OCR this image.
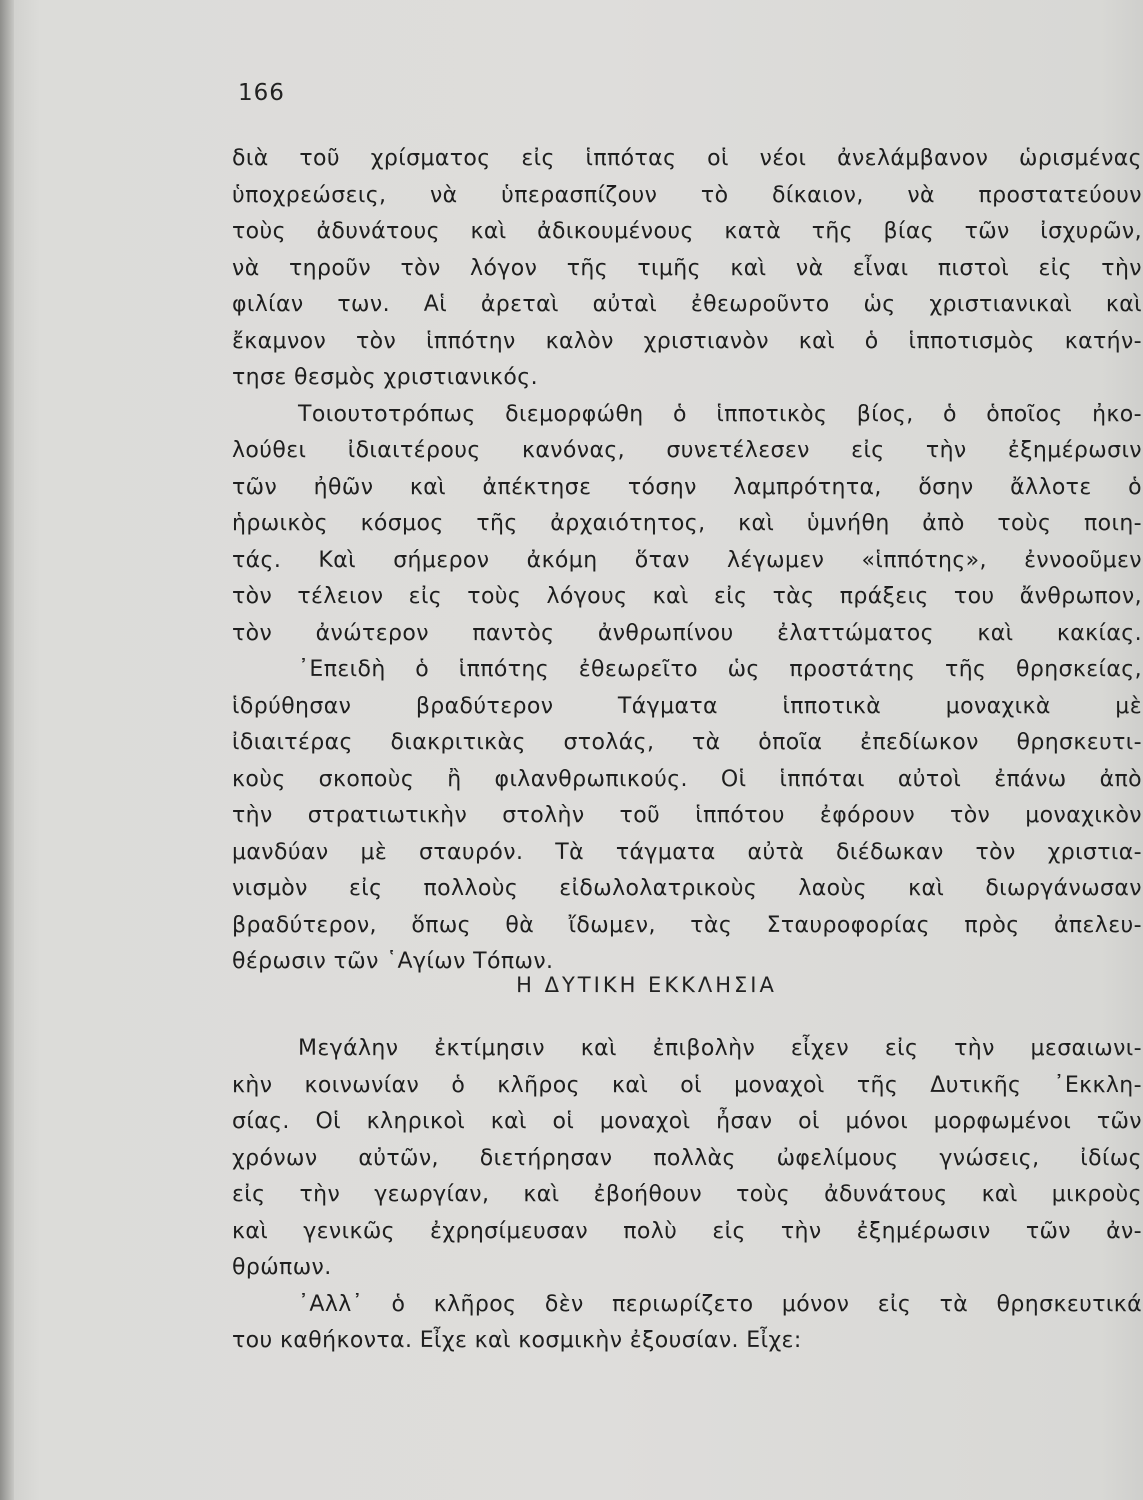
166
διὰ τοῦ χρίσματος εἰς ἱππότας οἱ νέοι ἀνελάμβανον ὡρισμένας
ὑποχρεώσεις, νὰ ὑπερασπίζουν τὸ δίκαιον, νὰ προστατεύουν
τοὺς ἀδυνάτους καὶ ἀδικουμένους κατὰ τῆς βίας τῶν ἰσχυρῶν,
νὰ τηροῦν τὸν λόγον τῆς τιμῆς καὶ νὰ εἶναι πιστοὶ εἰς τὴν
φιλίαν των. Αἱ ἀρεταὶ αὐταὶ ἐθεωροῦντο ὡς χριστιανικαὶ καὶ
ἔκαμνον τὸν ἱππότην καλὸν χριστιανὸν καὶ ὁ ἱπποτισμὸς κατήν-
τησε θεσμὸς χριστιανικός.
Τοιουτοτρόπως διεμορφώθη ὁ ἱπποτικὸς βίος, ὁ ὁποῖος ἠκο-
λούθει ἰδιαιτέρους κανόνας, συνετέλεσεν εἰς τὴν ἐξημέρωσιν
τῶν ἠθῶν καὶ ἀπέκτησε τόσην λαμπρότητα, ὅσην ἄλλοτε ὁ
ἡρωικὸς κόσμος τῆς ἀρχαιότητος, καὶ ὑμνήθη ἀπὸ τοὺς ποιη-
τάς. Καὶ σήμερον ἀκόμη ὅταν λέγωμεν «ἱππότης», ἐννοοῦμεν
τὸν τέλειον εἰς τοὺς λόγους καὶ εἰς τὰς πράξεις του ἄνθρωπον,
τὸν ἀνώτερον παντὸς ἀνθρωπίνου ἐλαττώματος καὶ κακίας.
᾿Επειδὴ ὁ ἱππότης ἐθεωρεῖτο ὡς προστάτης τῆς θρησκείας,
ἱδρύθησαν βραδύτερον Τάγματα ἱπποτικὰ μοναχικὰ μὲ
ἰδιαιτέρας διακριτικὰς στολάς, τὰ ὁποῖα ἐπεδίωκον θρησκευτι-
κοὺς σκοποὺς ἢ φιλανθρωπικούς. Οἱ ἱππόται αὐτοὶ ἐπάνω ἀπὸ
τὴν στρατιωτικὴν στολὴν τοῦ ἱππότου ἐφόρουν τὸν μοναχικὸν
μανδύαν μὲ σταυρόν. Τὰ τάγματα αὐτὰ διέδωκαν τὸν χριστια-
νισμὸν εἰς πολλοὺς εἰδωλολατρικοὺς λαοὺς καὶ διωργάνωσαν
βραδύτερον, ὅπως θὰ ἴδωμεν, τὰς Σταυροφορίας πρὸς ἀπελευ-
θέρωσιν τῶν ῾Αγίων Τόπων.
Η ΔΥΤΙΚΗ ΕΚΚΛΗΣΙΑ
Μεγάλην ἐκτίμησιν καὶ ἐπιβολὴν εἶχεν εἰς τὴν μεσαιωνι-
κὴν κοινωνίαν ὁ κλῆρος καὶ οἱ μοναχοὶ τῆς Δυτικῆς ᾿Εκκλη-
σίας. Οἱ κληρικοὶ καὶ οἱ μοναχοὶ ἦσαν οἱ μόνοι μορφωμένοι τῶν
χρόνων αὐτῶν, διετήρησαν πολλὰς ὠφελίμους γνώσεις, ἰδίως
εἰς τὴν γεωργίαν, καὶ ἐβοήθουν τοὺς ἀδυνάτους καὶ μικροὺς
καὶ γενικῶς ἐχρησίμευσαν πολὺ εἰς τὴν ἐξημέρωσιν τῶν ἀν-
θρώπων.
᾿Αλλ᾿ ὁ κλῆρος δὲν περιωρίζετο μόνον εἰς τὰ θρησκευτικά
του καθήκοντα. Εἶχε καὶ κοσμικὴν ἐξουσίαν. Εἶχε:
